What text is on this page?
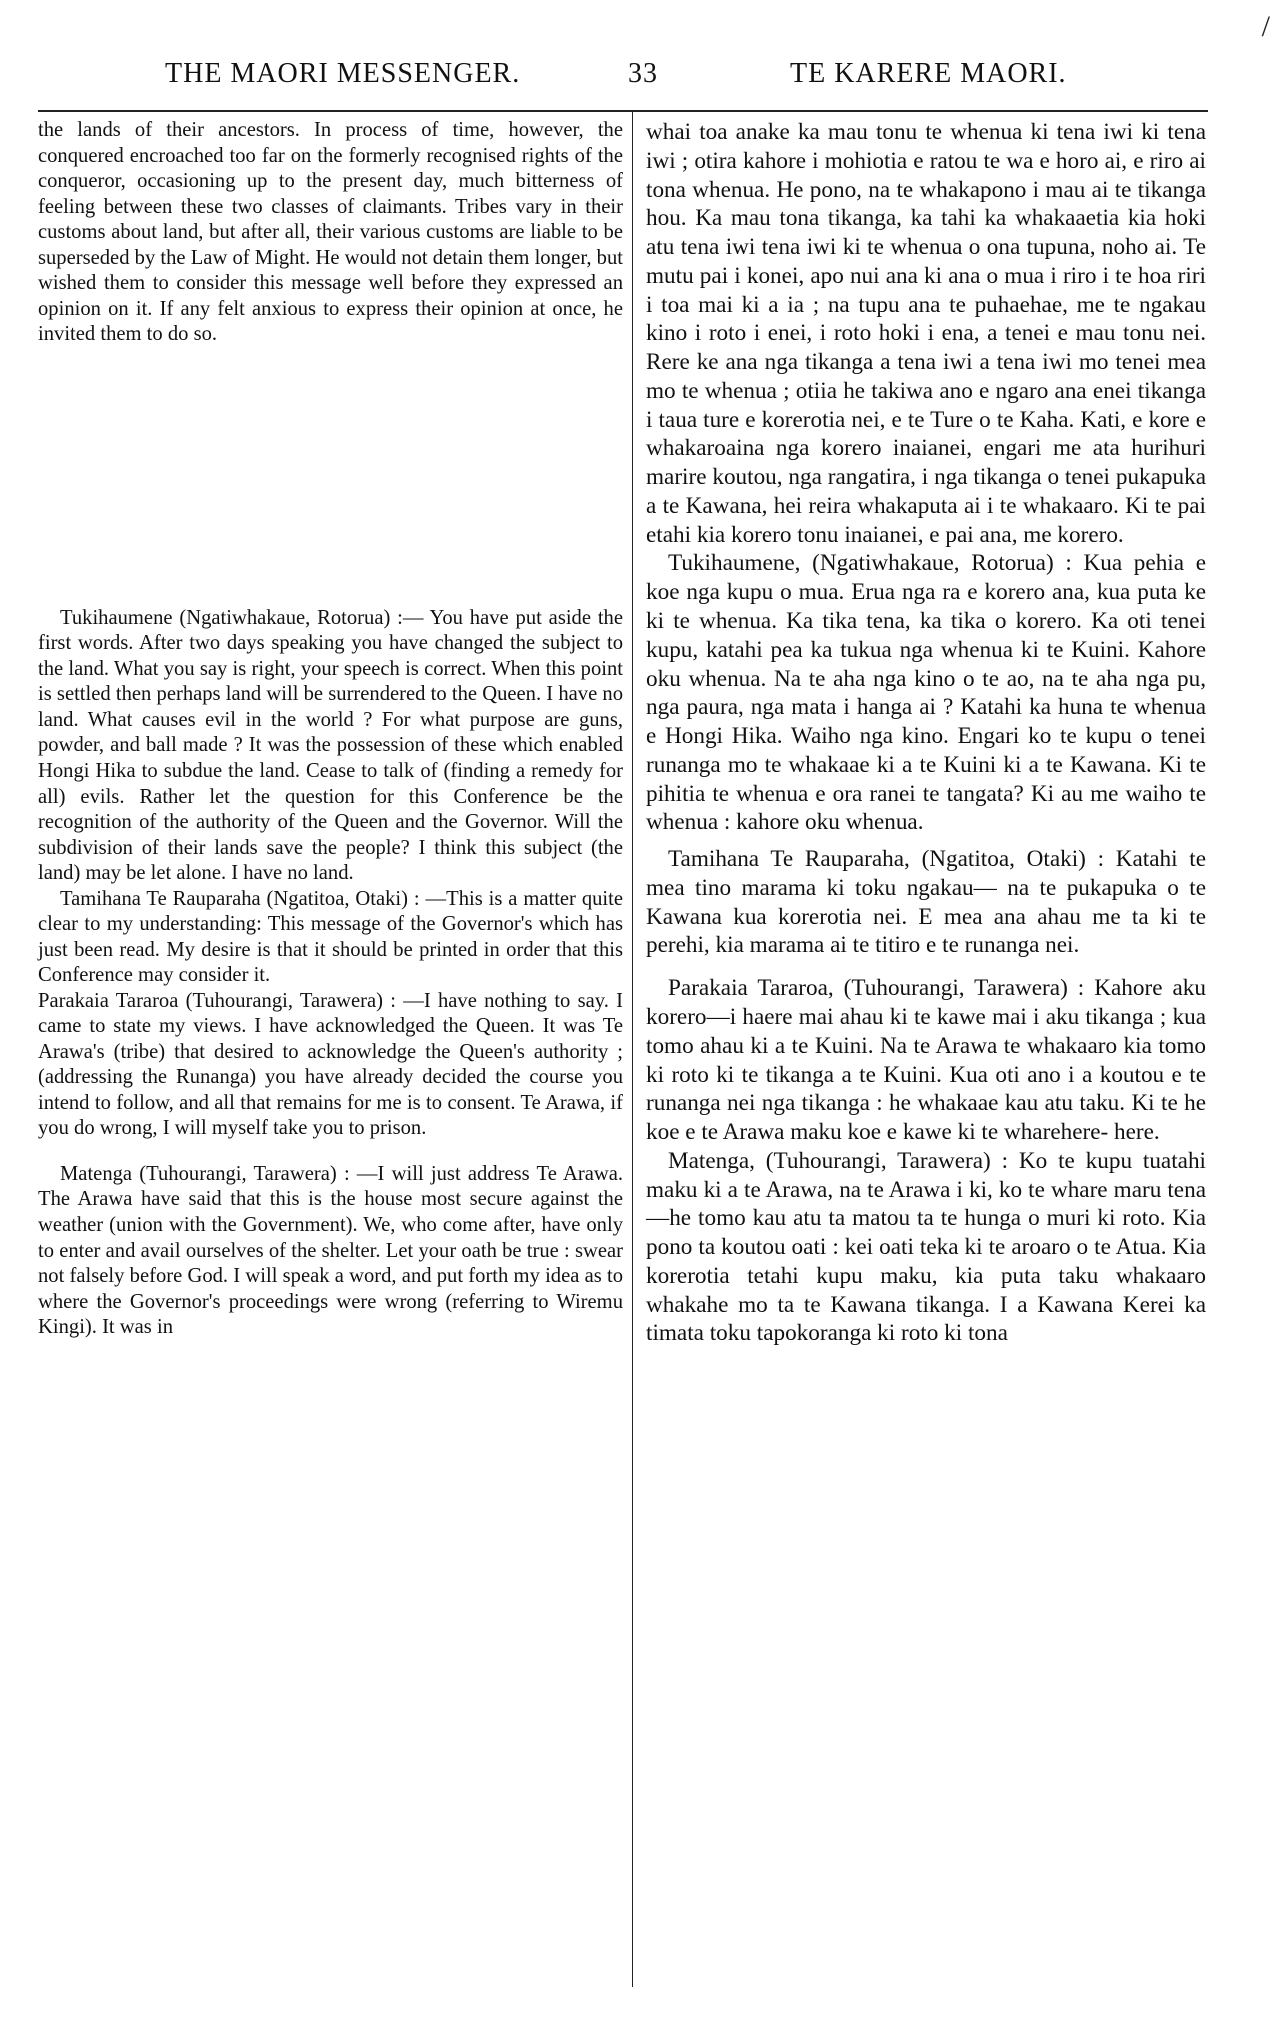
/
THE MAORI MESSENGER.	33	TE KARERE MAORI.

the lands of their ancestors. In process of time, however, the conquered encroached too far on the formerly recognised rights of the conqueror, occasioning up to the present day, much bitterness of feeling between these two classes of claimants. Tribes vary in their customs about land, but after all, their various customs are liable to be superseded by the Law of Might. He would not detain them longer, but wished them to consider this message well before they expressed an opinion on it. If any felt anxious to express their opinion at once, he invited them to do so.

Tukihaumene (Ngatiwhakaue, Rotorua) :— You have put aside the first words. After two days speaking you have changed the subject to the land. What you say is right, your speech is correct. When this point is settled then perhaps land will be surrendered to the Queen. I have no land. What causes evil in the world ? For what purpose are guns, powder, and ball made ? It was the possession of these which enabled Hongi Hika to subdue the land. Cease to talk of (finding a remedy for all) evils. Rather let the question for this Conference be the recognition of the authority of the Queen and the Governor. Will the subdivision of their lands save the people? I think this subject (the land) may be let alone. I have no land.

Tamihana Te Rauparaha (Ngatitoa, Otaki) : —This is a matter quite clear to my understanding: This message of the Governor's which has just been read. My desire is that it should be printed in order that this Conference may consider it.

Parakaia Tararoa (Tuhourangi, Tarawera) : —I have nothing to say. I came to state my views. I have acknowledged the Queen. It was Te Arawa's (tribe) that desired to acknowledge the Queen's authority ; (addressing the Runanga) you have already decided the course you intend to follow, and all that remains for me is to consent. Te Arawa, if you do wrong, I will myself take you to prison.

Matenga (Tuhourangi, Tarawera) : —I will just address Te Arawa. The Arawa have said that this is the house most secure against the weather (union with the Government). We, who come after, have only to enter and avail ourselves of the shelter. Let your oath be true : swear not falsely before God. I will speak a word, and put forth my idea as to where the Governor's proceedings were wrong (referring to Wiremu Kingi). It was in

whai toa anake ka mau tonu te whenua ki tena iwi ki tena iwi ; otira kahore i mohiotia e ratou te wa e horo ai, e riro ai tona whenua. He pono, na te whakapono i mau ai te tikanga hou. Ka mau tona tikanga, ka tahi ka whakaaetia kia hoki atu tena iwi tena iwi ki te whenua o ona tupuna, noho ai. Te mutu pai i konei, apo nui ana ki ana o mua i riro i te hoa riri i toa mai ki a ia ; na tupu ana te puhaehae, me te ngakau kino i roto i enei, i roto hoki i ena, a tenei e mau tonu nei. Rere ke ana nga tikanga a tena iwi a tena iwi mo tenei mea mo te whenua ; otiia he takiwa ano e ngaro ana enei tikanga i taua ture e korerotia nei, e te Ture o te Kaha. Kati, e kore e whakaroaina nga korero inaianei, engari me ata hurihuri marire koutou, nga rangatira, i nga tikanga o tenei pukapuka a te Kawana, hei reira whakaputa ai i te whakaaro. Ki te pai etahi kia korero tonu inaianei, e pai ana, me korero.

Tukihaumene, (Ngatiwhakaue, Rotorua) : Kua pehia e koe nga kupu o mua. Erua nga ra e korero ana, kua puta ke ki te whenua. Ka tika tena, ka tika o korero. Ka oti tenei kupu, katahi pea ka tukua nga whenua ki te Kuini. Kahore oku whenua. Na te aha nga kino o te ao, na te aha nga pu, nga paura, nga mata i hanga ai ? Katahi ka huna te whenua e Hongi Hika. Waiho nga kino. Engari ko te kupu o tenei runanga mo te whakaae ki a te Kuini ki a te Kawana. Ki te pihitia te whenua e ora ranei te tangata? Ki au me waiho te whenua : kahore oku whenua.

Tamihana Te Rauparaha, (Ngatitoa, Otaki) : Katahi te mea tino marama ki toku ngakau— na te pukapuka o te Kawana kua korerotia nei. E mea ana ahau me ta ki te perehi, kia marama ai te titiro e te runanga nei.

Parakaia Tararoa, (Tuhourangi, Tarawera) : Kahore aku korero—i haere mai ahau ki te kawe mai i aku tikanga ; kua tomo ahau ki a te Kuini. Na te Arawa te whakaaro kia tomo ki roto ki te tikanga a te Kuini. Kua oti ano i a koutou e te runanga nei nga tikanga : he whakaae kau atu taku. Ki te he koe e te Arawa maku koe e kawe ki te wharehere- here.

Matenga, (Tuhourangi, Tarawera) : Ko te kupu tuatahi maku ki a te Arawa, na te Arawa i ki, ko te whare maru tena—he tomo kau atu ta matou ta te hunga o muri ki roto. Kia pono ta koutou oati : kei oati teka ki te aroaro o te Atua. Kia korerotia tetahi kupu maku, kia puta taku whakaaro whakahe mo ta te Kawana tikanga. I a Kawana Kerei ka timata toku tapokoranga ki roto ki tona
